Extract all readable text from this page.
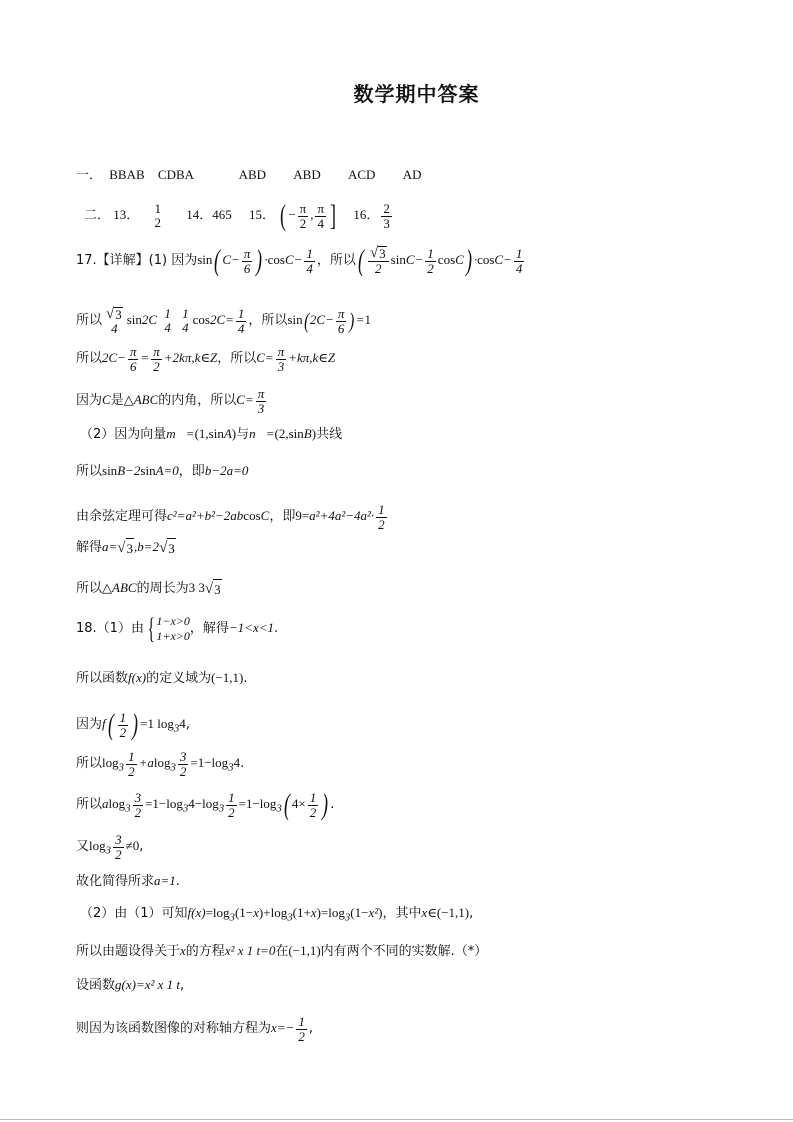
数学期中答案
一． BBAB CDBA	ABD ABD ACD AD
二． 13． 1
2
14．465 15． ( − $\frac{\pi}{2}$ , $\frac{\pi}{4}$ ] 16． $\frac{2}{3}$
17.【详解】(1) 因为sin( $C- \frac{\pi}{6}$ ) $\cdot\cos C- \frac{1}{4}$ ，所以( $\frac{√ 3}{2} \sin C- \frac{1}{2} \cos C) \cdot\cos C- \frac{1}{4}$
所以 √ 3
4
sin2C 1
4

1
4
$\cos 2C= \frac{1}{4}$ ，所以$\sin(2C- \frac{\pi}{6} )=1$
所以$2C- \frac{\pi}{6} = \frac{\pi}{2}$ +2kπ,k∈Z，所以$C= \frac{\pi}{3}$ +kπ,k∈Z
因为C是△ABC的内角，所以$C= \frac{\pi}{3}$
（2）因为向量m⃗=(1,sinA)与n⃗=(2,sinB)共线
所以sinB−2sinA=0，即b−2a=0
由余弦定理可得c²=a²+b²−2abcosC，即$9=a^2+4a^2-4a^2\cdot \frac{1}{2}$
解得a= √ 3 ,b=2 √ 3
所以△ABC的周长为3 3 √ 3
18.（1）由 { 1−x>0
1+x>0 ，解得−1<x<1.
所以函数f(x)的定义域为(−1,1).
因为$f( \frac{1}{2}$ ) =1 $\log_34$,
所以$\log_3 \frac{1}{2} +alog_3 \frac{3}{2} =1-\log_34$.
所以$alog_3 \frac{3}{2} =1-\log_34-\log_3 \frac{1}{2} =1-\log_3$( $4\times \frac{1}{2}$ ) .
又$\log_3 \frac{3}{2} \ne 0$,
故化简得所求a=1.
（2）由（1）可知$f(x)=\log_3(1-x)+\log_3(1+x)=\log_3(1-x^2)$，其中x∈(−1,1),
所以由题设得关于x的方程x² x 1 t=0在(−1,1)内有两个不同的实数解.（*）
设函数g(x)=x² x 1 t,
则因为该函数图像的对称轴方程为$x=- \frac{1}{2}$ ,
